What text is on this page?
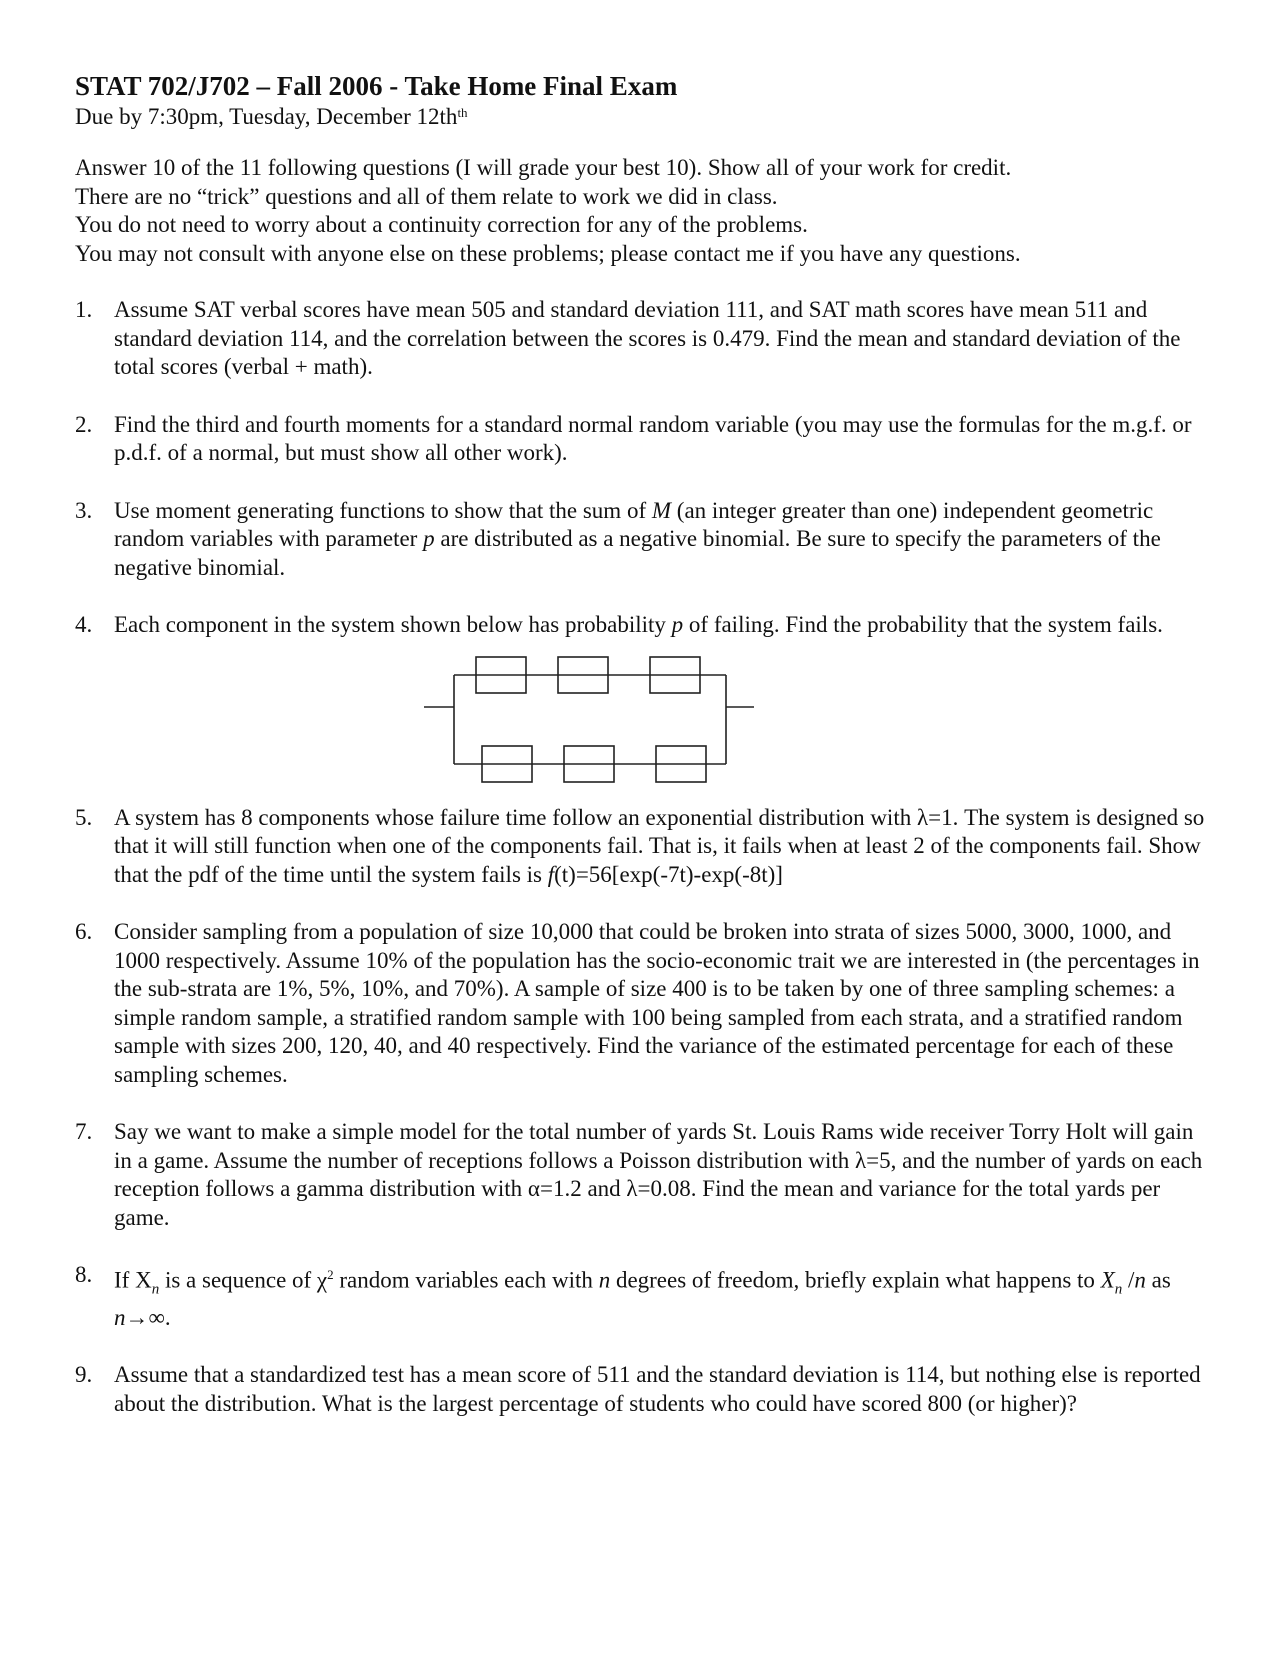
STAT 702/J702 – Fall 2006 - Take Home Final Exam
Due by 7:30pm, Tuesday, December $12th^{th}$

Answer 10 of the 11 following questions (I will grade your best 10). Show all of your work for credit.

There are no “trick” questions and all of them relate to work we did in class.

You do not need to worry about a continuity correction for any of the problems.

You may not consult with anyone else on these problems; please contact me if you have any questions.

1. Assume SAT verbal scores have mean 505 and standard deviation 111, and SAT math scores have mean 511 and standard deviation 114, and the correlation between the scores is 0.479. Find the mean and standard deviation of the total scores (verbal + math).
2. Find the third and fourth moments for a standard normal random variable (you may use the formulas for the m.g.f. or p.d.f. of a normal, but must show all other work).
3. Use moment generating functions to show that the sum of M (an integer greater than one) independent geometric random variables with parameter p are distributed as a negative binomial. Be sure to specify the parameters of the negative binomial.
4. Each component in the system shown below has probability p of failing. Find the probability that the system fails.
5. A system has 8 components whose failure time follow an exponential distribution with λ=1. The system is designed so that it will still function when one of the components fail. That is, it fails when at least 2 of the components fail. Show that the pdf of the time until the system fails is f(t)=56[exp(-7t)-exp(-8t)]
6. Consider sampling from a population of size 10,000 that could be broken into strata of sizes 5000, 3000, 1000, and 1000 respectively. Assume 10% of the population has the socio-economic trait we are interested in (the percentages in the sub-strata are 1%, 5%, 10%, and 70%). A sample of size 400 is to be taken by one of three sampling schemes: a simple random sample, a stratified random sample with 100 being sampled from each strata, and a stratified random sample with sizes 200, 120, 40, and 40 respectively. Find the variance of the estimated percentage for each of these sampling schemes.
7. Say we want to make a simple model for the total number of yards St. Louis Rams wide receiver Torry Holt will gain in a game. Assume the number of receptions follows a Poisson distribution with λ=5, and the number of yards on each reception follows a gamma distribution with α=1.2 and λ=0.08. Find the mean and variance for the total yards per game.
8. If $X_n$ is a sequence of $\chi^2$ random variables each with n degrees of freedom, briefly explain what happens to $X_n$ /n as n→∞.
9. Assume that a standardized test has a mean score of 511 and the standard deviation is 114, but nothing else is reported about the distribution. What is the largest percentage of students who could have scored 800 (or higher)?
